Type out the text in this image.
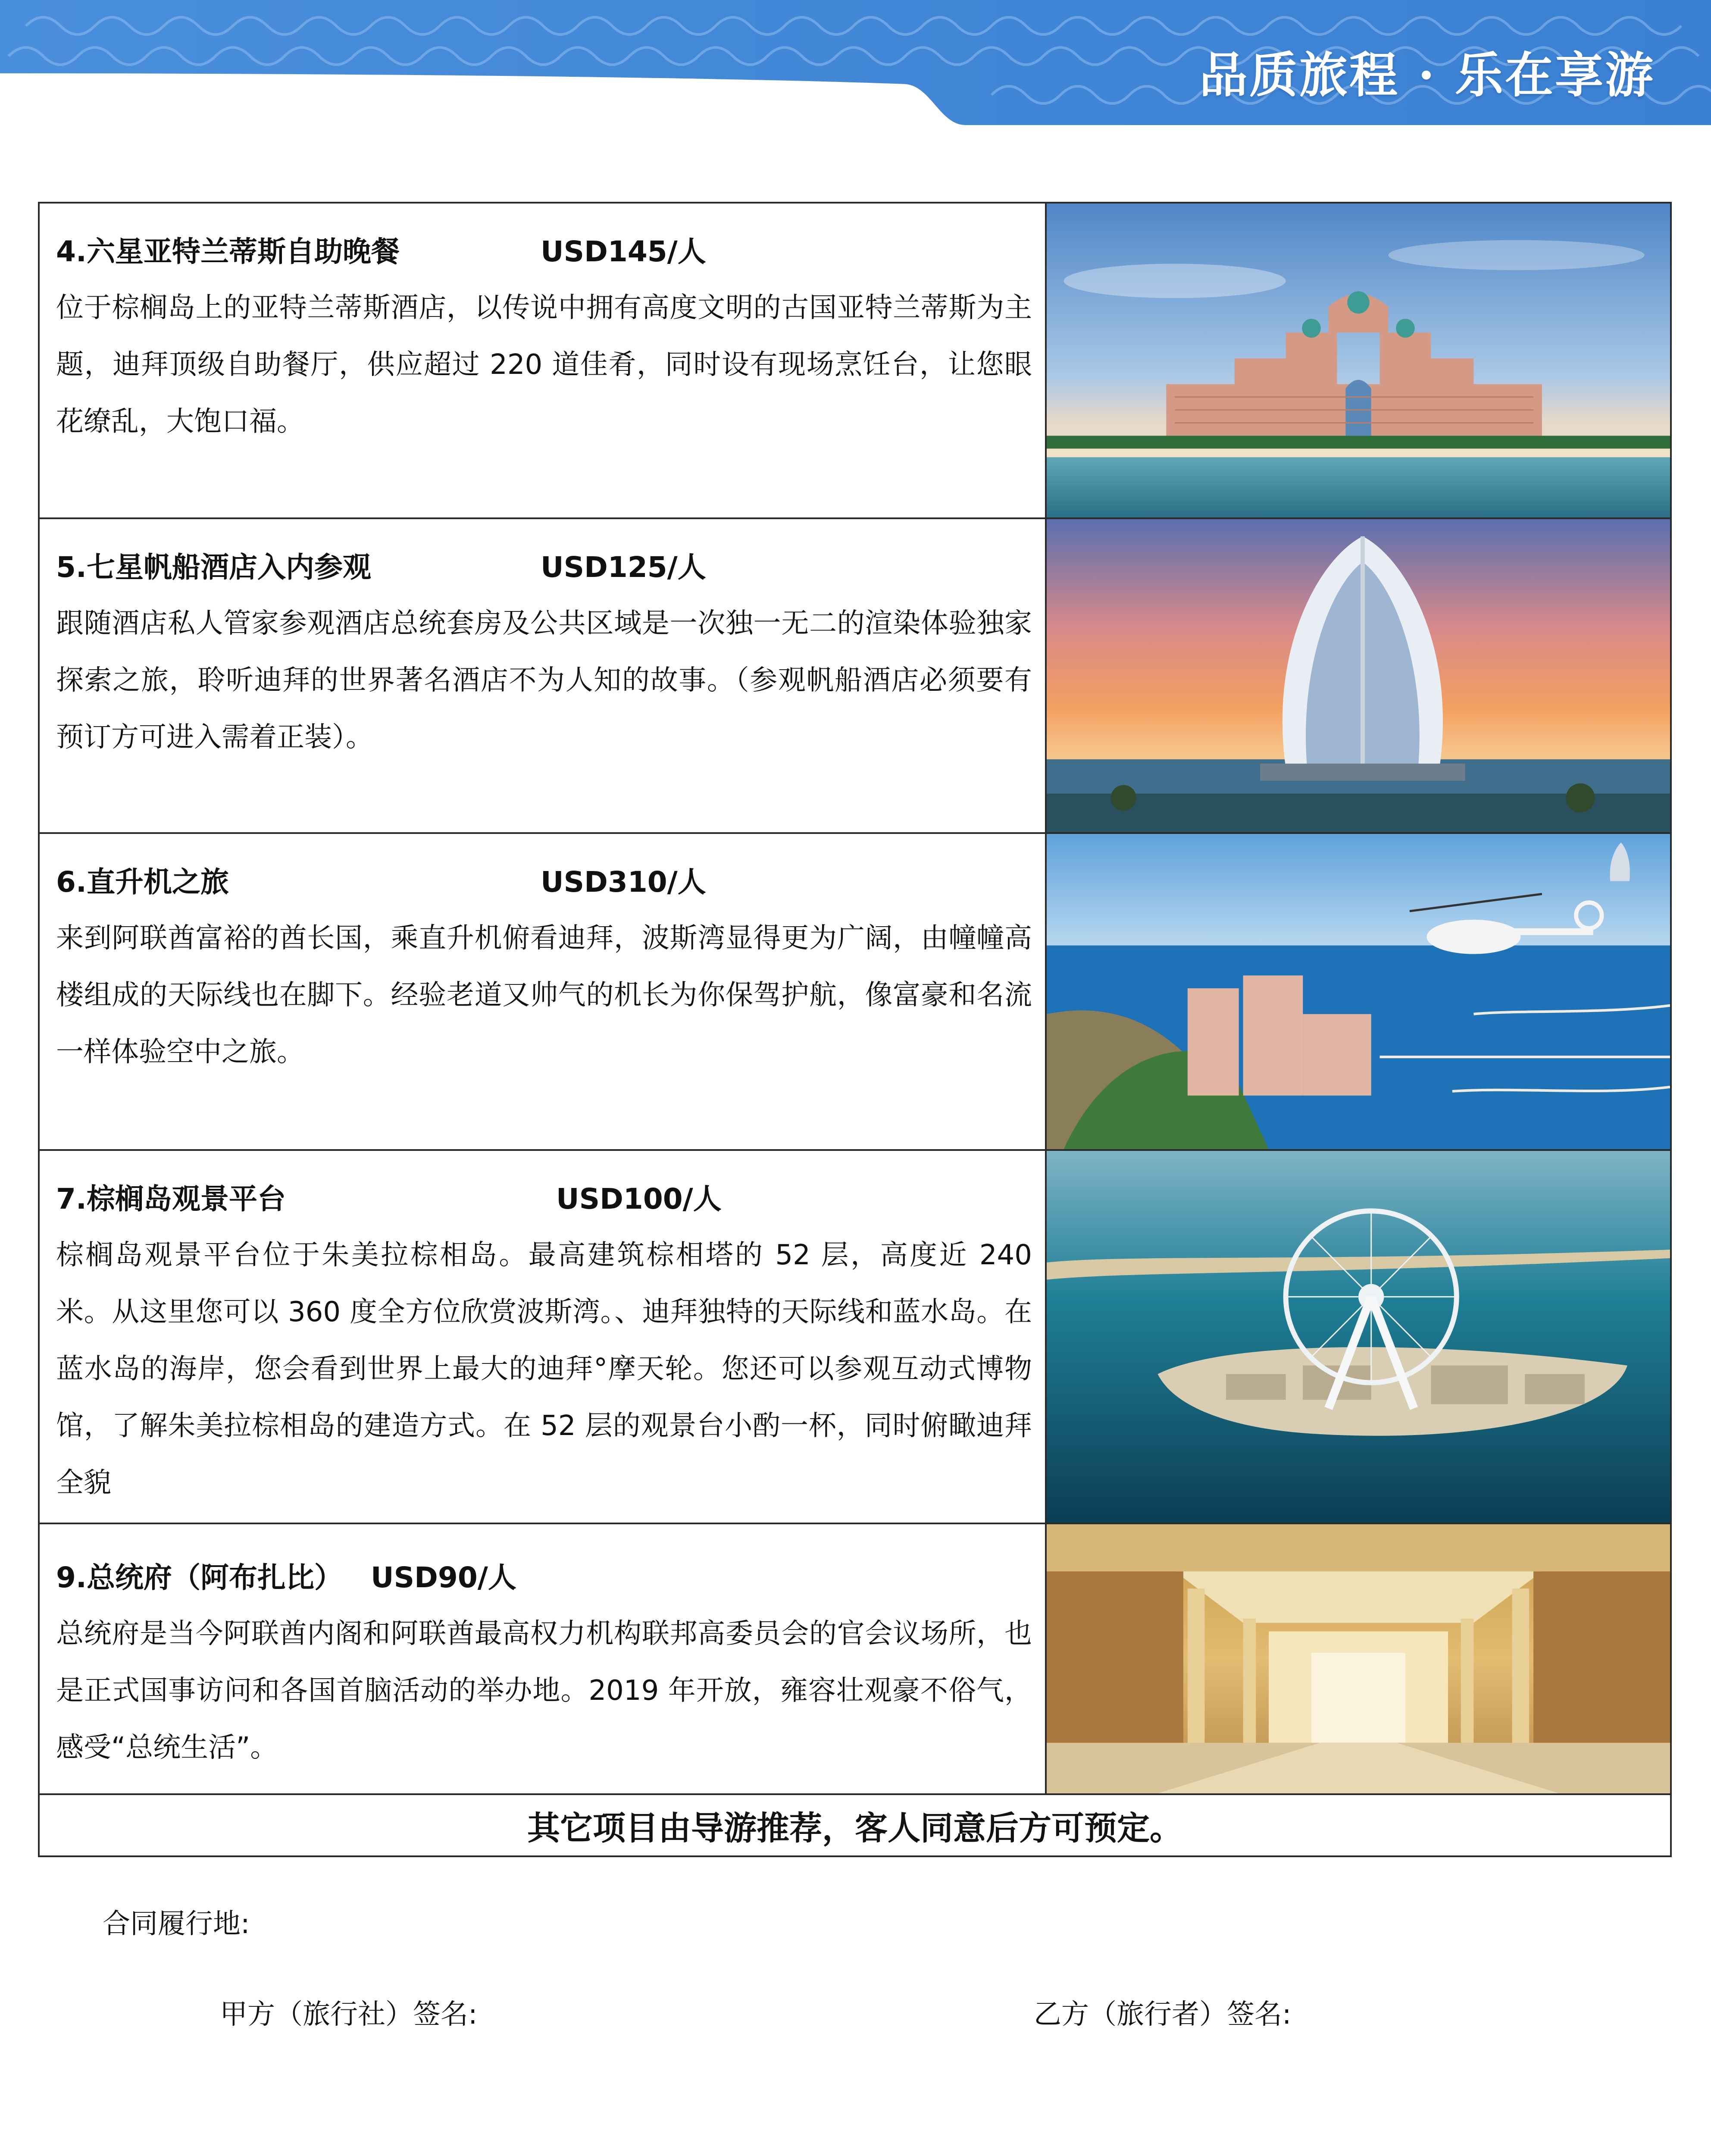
品质旅程 · 乐在享游
4.六星亚特兰蒂斯自助晚餐	USD145/人
位于棕榈岛上的亚特兰蒂斯酒店，以传说中拥有高度文明的古国亚特兰蒂斯为主题，迪拜顶级自助餐厅，供应超过 220 道佳肴，同时设有现场烹饪台，让您眼花缭乱，大饱口福。
5.七星帆船酒店入内参观	USD125/人
跟随酒店私人管家参观酒店总统套房及公共区域是一次独一无二的渲染体验独家探索之旅，聆听迪拜的世界著名酒店不为人知的故事。（参观帆船酒店必须要有预订方可进入需着正装）。
6.直升机之旅	USD310/人
来到阿联酋富裕的酋长国，乘直升机俯看迪拜，波斯湾显得更为广阔，由幢幢高楼组成的天际线也在脚下。经验老道又帅气的机长为你保驾护航，像富豪和名流一样体验空中之旅。
7.棕榈岛观景平台	USD100/人
棕榈岛观景平台位于朱美拉棕相岛。最高建筑棕相塔的 52 层，高度近 240 米。从这里您可以 360 度全方位欣赏波斯湾。、迪拜独特的天际线和蓝水岛。在蓝水岛的海岸，您会看到世界上最大的迪拜°摩天轮。您还可以参观互动式博物馆，了解朱美拉棕相岛的建造方式。在 52 层的观景台小酌一杯，同时俯瞰迪拜全貌
9.总统府（阿布扎比） USD90/人
总统府是当今阿联酋内阁和阿联酋最高权力机构联邦高委员会的官会议场所，也是正式国事访问和各国首脑活动的举办地。2019 年开放，雍容壮观豪不俗气，感受“总统生活”。
其它项目由导游推荐，客人同意后方可预定。
合同履行地:
甲方（旅行社）签名:	乙方（旅行者）签名:
